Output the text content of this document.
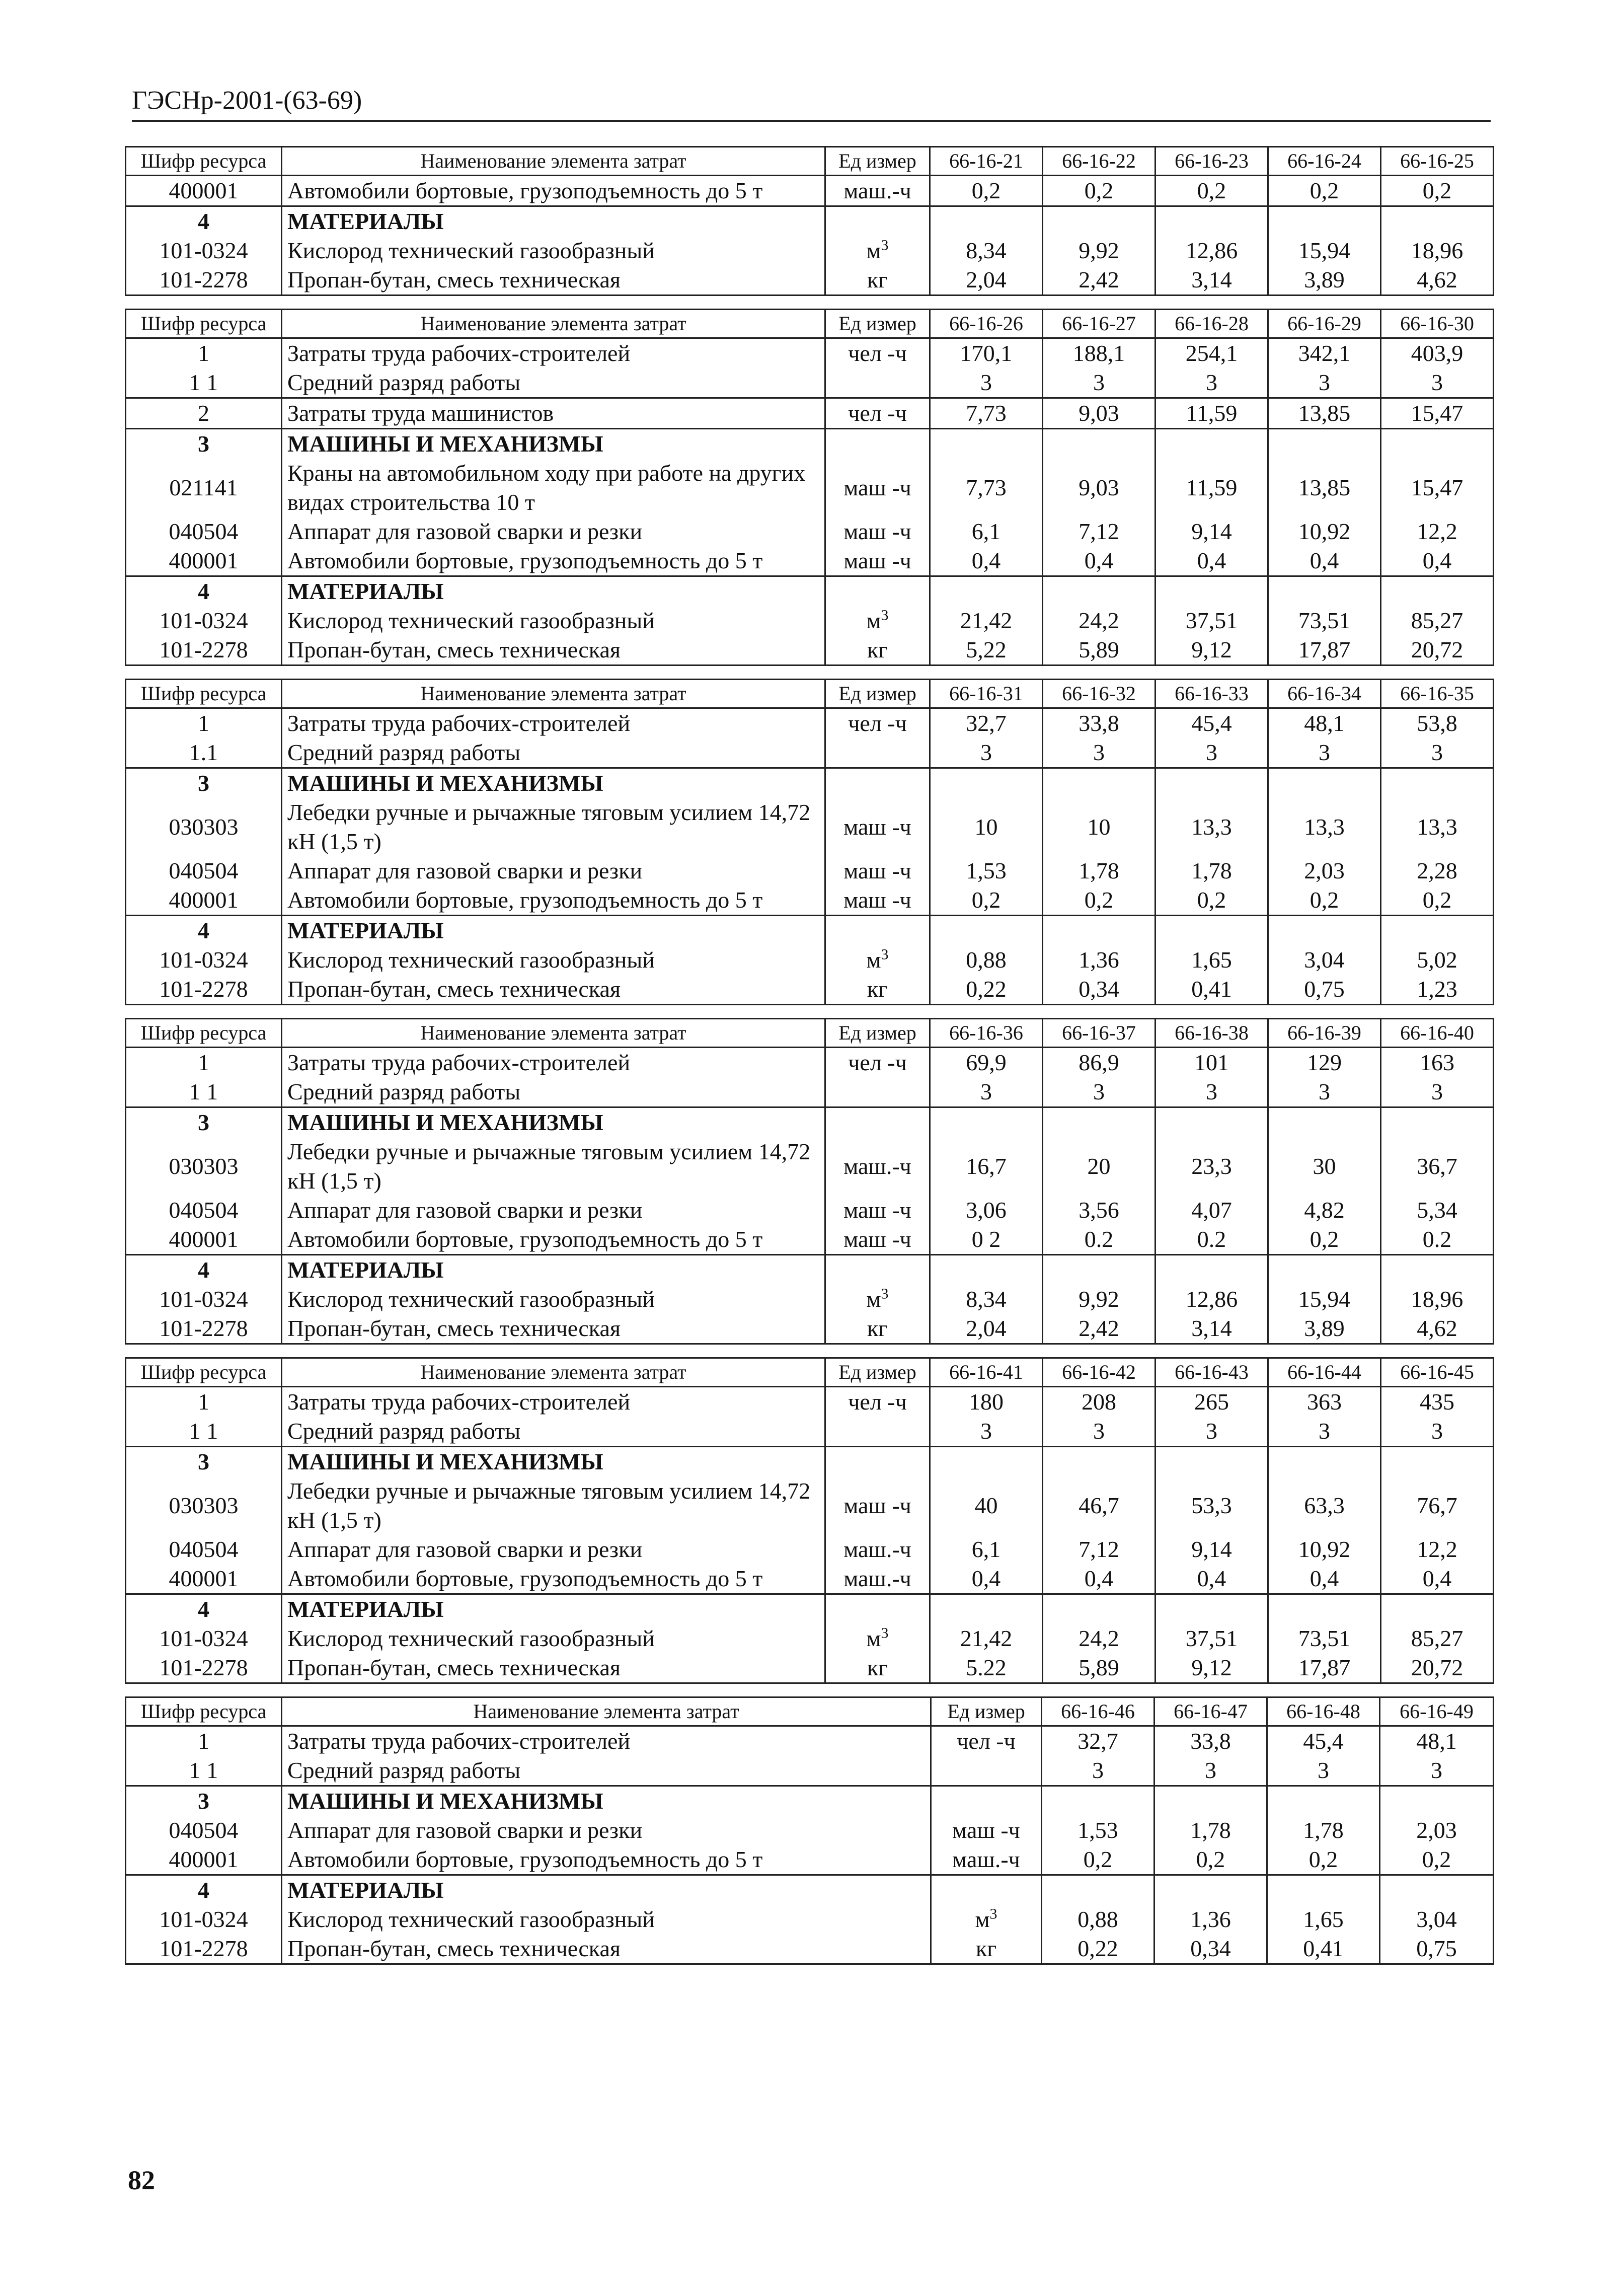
ГЭСНр-2001-(63-69)
Шифр ресурса	Наименование элемента затрат	Ед измер	66-16-21	66-16-22	66-16-23	66-16-24	66-16-25
400001	Автомобили бортовые, грузоподъемность до 5 т	маш.-ч	0,2	0,2	0,2	0,2	0,2
4	МАТЕРИАЛЫ						
101-0324	Кислород технический газообразный	$м^3$	8,34	9,92	12,86	15,94	18,96
101-2278	Пропан-бутан, смесь техническая	кг	2,04	2,42	3,14	3,89	4,62
Шифр ресурса	Наименование элемента затрат	Ед измер	66-16-26	66-16-27	66-16-28	66-16-29	66-16-30
1	Затраты труда рабочих-строителей	чел -ч	170,1	188,1	254,1	342,1	403,9
1 1	Средний разряд работы		3	3	3	3	3
2	Затраты труда машинистов	чел -ч	7,73	9,03	11,59	13,85	15,47
3	МАШИНЫ И МЕХАНИЗМЫ						
021141	Краны на автомобильном ходу при работе на других видах строительства 10 т	маш -ч	7,73	9,03	11,59	13,85	15,47
040504	Аппарат для газовой сварки и резки	маш -ч	6,1	7,12	9,14	10,92	12,2
400001	Автомобили бортовые, грузоподъемность до 5 т	маш -ч	0,4	0,4	0,4	0,4	0,4
4	МАТЕРИАЛЫ						
101-0324	Кислород технический газообразный	$м^3$	21,42	24,2	37,51	73,51	85,27
101-2278	Пропан-бутан, смесь техническая	кг	5,22	5,89	9,12	17,87	20,72
Шифр ресурса	Наименование элемента затрат	Ед измер	66-16-31	66-16-32	66-16-33	66-16-34	66-16-35
1	Затраты труда рабочих-строителей	чел -ч	32,7	33,8	45,4	48,1	53,8
1.1	Средний разряд работы		3	3	3	3	3
3	МАШИНЫ И МЕХАНИЗМЫ						
030303	Лебедки ручные и рычажные тяговым усилием 14,72 кН (1,5 т)	маш -ч	10	10	13,3	13,3	13,3
040504	Аппарат для газовой сварки и резки	маш -ч	1,53	1,78	1,78	2,03	2,28
400001	Автомобили бортовые, грузоподъемность до 5 т	маш -ч	0,2	0,2	0,2	0,2	0,2
4	МАТЕРИАЛЫ						
101-0324	Кислород технический газообразный	$м^3$	0,88	1,36	1,65	3,04	5,02
101-2278	Пропан-бутан, смесь техническая	кг	0,22	0,34	0,41	0,75	1,23
Шифр ресурса	Наименование элемента затрат	Ед измер	66-16-36	66-16-37	66-16-38	66-16-39	66-16-40
1	Затраты труда рабочих-строителей	чел -ч	69,9	86,9	101	129	163
1 1	Средний разряд работы		3	3	3	3	3
3	МАШИНЫ И МЕХАНИЗМЫ						
030303	Лебедки ручные и рычажные тяговым усилием 14,72 кН (1,5 т)	маш.-ч	16,7	20	23,3	30	36,7
040504	Аппарат для газовой сварки и резки	маш -ч	3,06	3,56	4,07	4,82	5,34
400001	Автомобили бортовые, грузоподъемность до 5 т	маш -ч	0 2	0.2	0.2	0,2	0.2
4	МАТЕРИАЛЫ						
101-0324	Кислород технический газообразный	$м^3$	8,34	9,92	12,86	15,94	18,96
101-2278	Пропан-бутан, смесь техническая	кг	2,04	2,42	3,14	3,89	4,62
Шифр ресурса	Наименование элемента затрат	Ед измер	66-16-41	66-16-42	66-16-43	66-16-44	66-16-45
1	Затраты труда рабочих-строителей	чел -ч	180	208	265	363	435
1 1	Средний разряд работы		3	3	3	3	3
3	МАШИНЫ И МЕХАНИЗМЫ						
030303	Лебедки ручные и рычажные тяговым усилием 14,72 кН (1,5 т)	маш -ч	40	46,7	53,3	63,3	76,7
040504	Аппарат для газовой сварки и резки	маш.-ч	6,1	7,12	9,14	10,92	12,2
400001	Автомобили бортовые, грузоподъемность до 5 т	маш.-ч	0,4	0,4	0,4	0,4	0,4
4	МАТЕРИАЛЫ						
101-0324	Кислород технический газообразный	$м^3$	21,42	24,2	37,51	73,51	85,27
101-2278	Пропан-бутан, смесь техническая	кг	5.22	5,89	9,12	17,87	20,72
Шифр ресурса	Наименование элемента затрат	Ед измер	66-16-46	66-16-47	66-16-48	66-16-49
1	Затраты труда рабочих-строителей	чел -ч	32,7	33,8	45,4	48,1
1 1	Средний разряд работы		3	3	3	3
3	МАШИНЫ И МЕХАНИЗМЫ					
040504	Аппарат для газовой сварки и резки	маш -ч	1,53	1,78	1,78	2,03
400001	Автомобили бортовые, грузоподъемность до 5 т	маш.-ч	0,2	0,2	0,2	0,2
4	МАТЕРИАЛЫ					
101-0324	Кислород технический газообразный	$м^3$	0,88	1,36	1,65	3,04
101-2278	Пропан-бутан, смесь техническая	кг	0,22	0,34	0,41	0,75
82
